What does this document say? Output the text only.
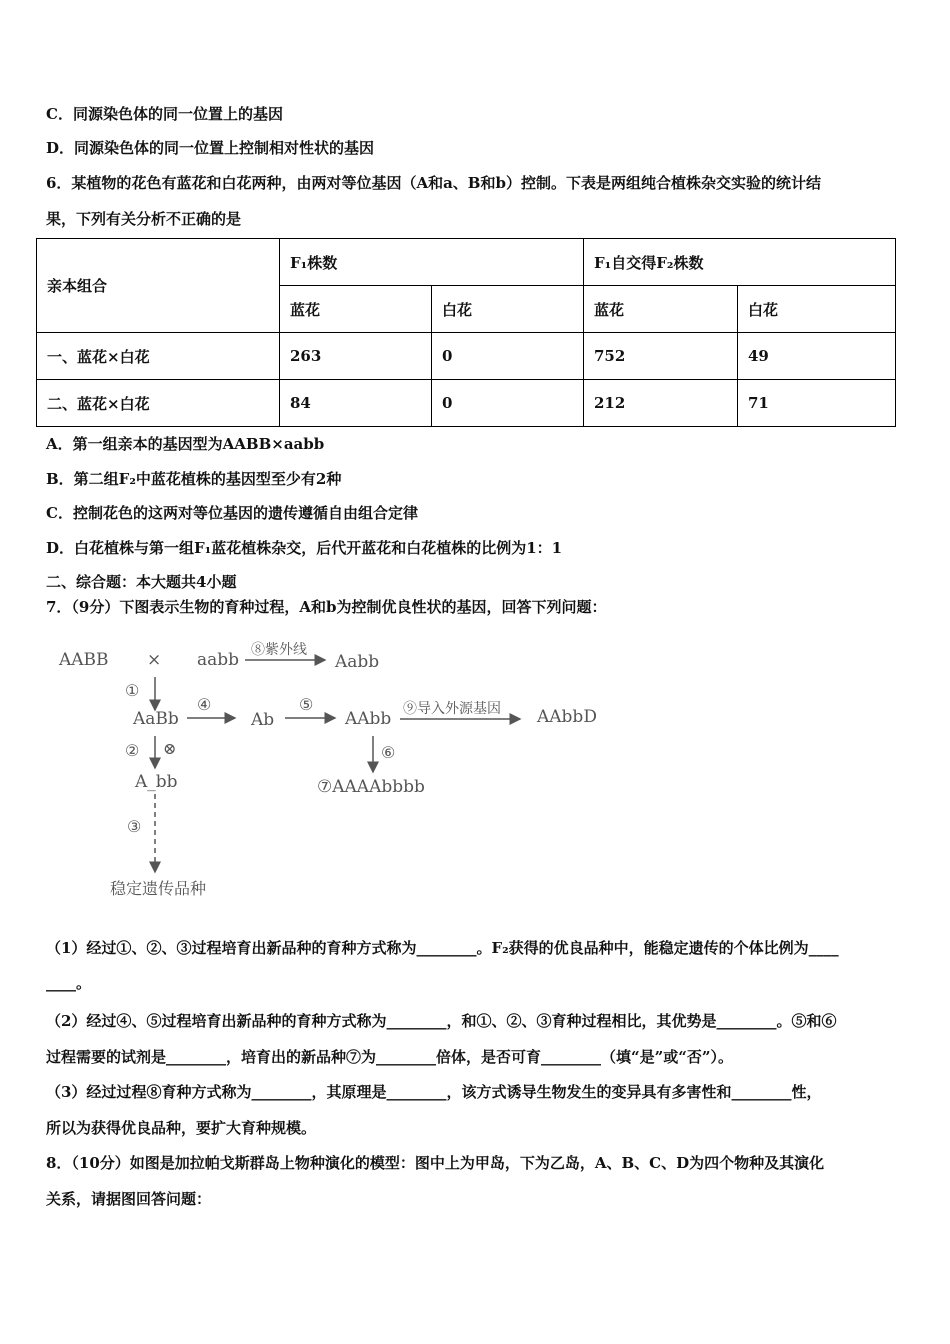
C．同源染色体的同一位置上的基因
D．同源染色体的同一位置上控制相对性状的基因
6．某植物的花色有蓝花和白花两种，由两对等位基因（A和a、B和b）控制。下表是两组纯合植株杂交实验的统计结
果，下列有关分析不正确的是
亲本组合	F₁株数		F₁自交得F₂株数	
	蓝花	白花	蓝花	白花
一、蓝花×白花	263	0	752	49
二、蓝花×白花	84	0	212	71
A．第一组亲本的基因型为AABB×aabb
B．第二组F₂中蓝花植株的基因型至少有2种
C．控制花色的这两对等位基因的遗传遵循自由组合定律
D．白花植株与第一组F₁蓝花植株杂交，后代开蓝花和白花植株的比例为1：1
二、综合题：本大题共4小题
7．（9分）下图表示生物的育种过程，A和b为控制优良性状的基因，回答下列问题：
AABB × aabb ⑧紫外线
Aabb
①
AaBb
④
Ab
⑤
AAbb ⑨导入外源基因 AAbbD
② ⊗	⑥
A_bb	⑦AAAAbbbb
③
稳定遗传品种
（1）经过①、②、③过程培育出新品种的育种方式称为________。F₂获得的优良品种中，能稳定遗传的个体比例为____
____。
（2）经过④、⑤过程培育出新品种的育种方式称为________，和①、②、③育种过程相比，其优势是________。⑤和⑥
过程需要的试剂是________，培育出的新品种⑦为________倍体，是否可育________（填“是”或“否”）。
（3）经过过程⑧育种方式称为________，其原理是________，该方式诱导生物发生的变异具有多害性和________性，
所以为获得优良品种，要扩大育种规模。
8．（10分）如图是加拉帕戈斯群岛上物种演化的模型：图中上为甲岛，下为乙岛，A、B、C、D为四个物种及其演化
关系，请据图回答问题：
